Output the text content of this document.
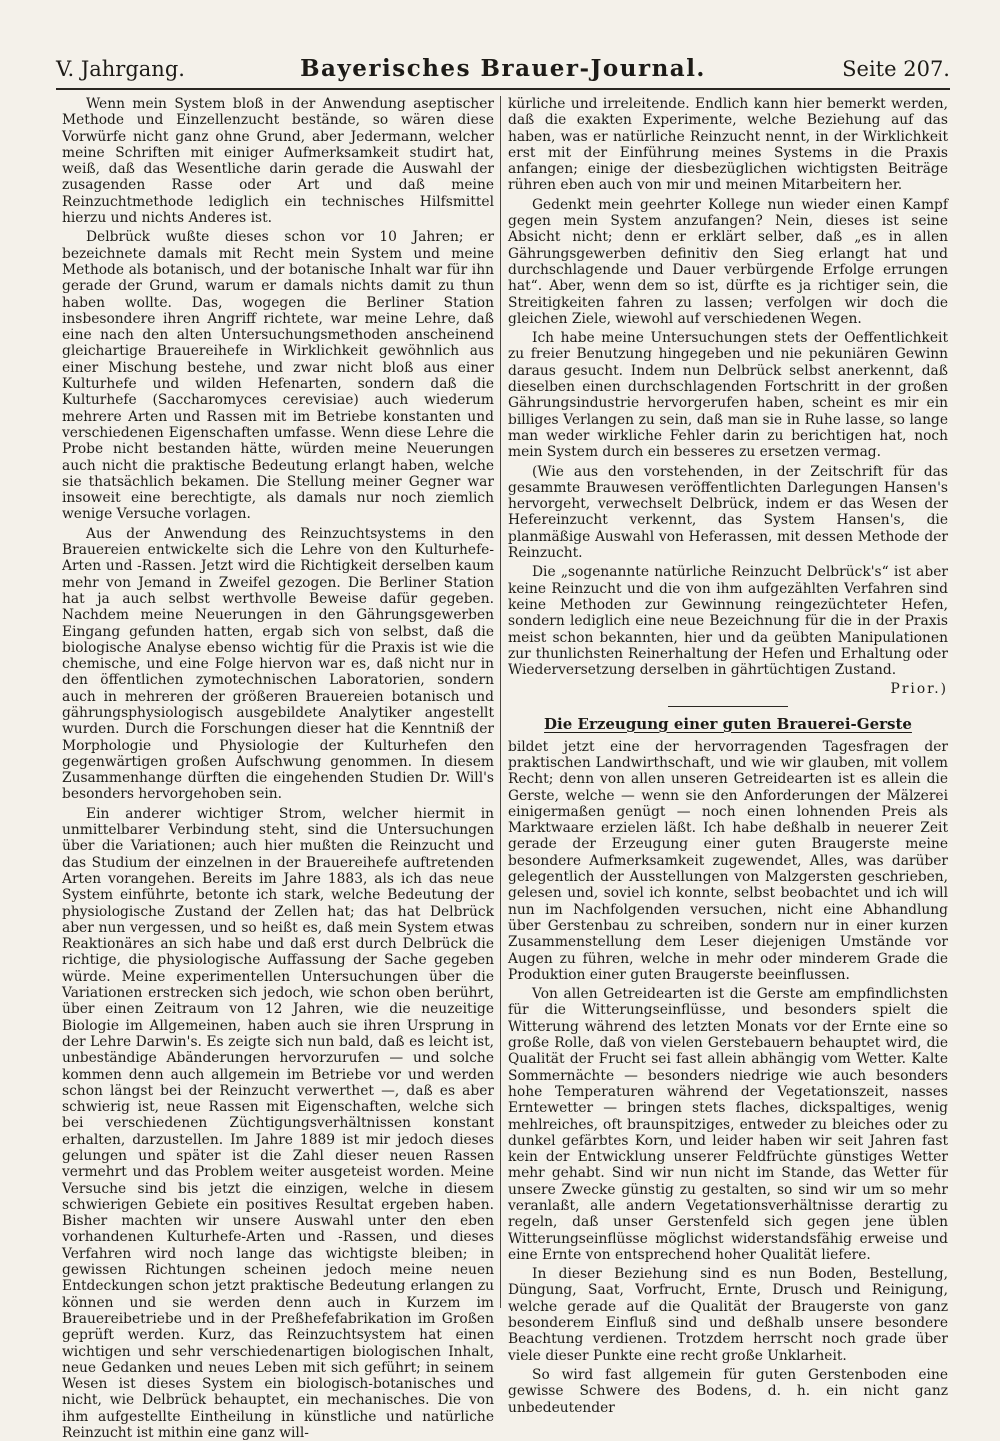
V. Jahrgang.	Bayerisches Brauer-Journal.	Seite 207.

Wenn mein System bloß in der Anwendung aseptischer Methode und Einzellenzucht bestände, so wären diese Vorwürfe nicht ganz ohne Grund, aber Jedermann, welcher meine Schriften mit einiger Aufmerksamkeit studirt hat, weiß, daß das Wesentliche darin gerade die Auswahl der zusagenden Rasse oder Art und daß meine Reinzuchtmethode lediglich ein technisches Hilfsmittel hierzu und nichts Anderes ist.

Delbrück wußte dieses schon vor 10 Jahren; er bezeichnete damals mit Recht mein System und meine Methode als botanisch, und der botanische Inhalt war für ihn gerade der Grund, warum er damals nichts damit zu thun haben wollte. Das, wogegen die Berliner Station insbesondere ihren Angriff richtete, war meine Lehre, daß eine nach den alten Untersuchungsmethoden anscheinend gleichartige Brauereihefe in Wirklichkeit gewöhnlich aus einer Mischung bestehe, und zwar nicht bloß aus einer Kulturhefe und wilden Hefenarten, sondern daß die Kulturhefe (Saccharomyces cerevisiae) auch wiederum mehrere Arten und Rassen mit im Betriebe konstanten und verschiedenen Eigenschaften umfasse. Wenn diese Lehre die Probe nicht bestanden hätte, würden meine Neuerungen auch nicht die praktische Bedeutung erlangt haben, welche sie thatsächlich bekamen. Die Stellung meiner Gegner war insoweit eine berechtigte, als damals nur noch ziemlich wenige Versuche vorlagen.

Aus der Anwendung des Reinzuchtsystems in den Brauereien entwickelte sich die Lehre von den Kulturhefe-Arten und -Rassen. Jetzt wird die Richtigkeit derselben kaum mehr von Jemand in Zweifel gezogen. Die Berliner Station hat ja auch selbst werthvolle Beweise dafür gegeben. Nachdem meine Neuerungen in den Gährungsgewerben Eingang gefunden hatten, ergab sich von selbst, daß die biologische Analyse ebenso wichtig für die Praxis ist wie die chemische, und eine Folge hiervon war es, daß nicht nur in den öffentlichen zymotechnischen Laboratorien, sondern auch in mehreren der größeren Brauereien botanisch und gährungsphysiologisch ausgebildete Analytiker angestellt wurden. Durch die Forschungen dieser hat die Kenntniß der Morphologie und Physiologie der Kulturhefen den gegenwärtigen großen Aufschwung genommen. In diesem Zusammenhange dürften die eingehenden Studien Dr. Will's besonders hervorgehoben sein.

Ein anderer wichtiger Strom, welcher hiermit in unmittelbarer Verbindung steht, sind die Untersuchungen über die Variationen; auch hier mußten die Reinzucht und das Studium der einzelnen in der Brauereihefe auftretenden Arten vorangehen. Bereits im Jahre 1883, als ich das neue System einführte, betonte ich stark, welche Bedeutung der physiologische Zustand der Zellen hat; das hat Delbrück aber nun vergessen, und so heißt es, daß mein System etwas Reaktionäres an sich habe und daß erst durch Delbrück die richtige, die physiologische Auffassung der Sache gegeben würde. Meine experimentellen Untersuchungen über die Variationen erstrecken sich jedoch, wie schon oben berührt, über einen Zeitraum von 12 Jahren, wie die neuzeitige Biologie im Allgemeinen, haben auch sie ihren Ursprung in der Lehre Darwin's. Es zeigte sich nun bald, daß es leicht ist, unbeständige Abänderungen hervorzurufen — und solche kommen denn auch allgemein im Betriebe vor und werden schon längst bei der Reinzucht verwerthet —, daß es aber schwierig ist, neue Rassen mit Eigenschaften, welche sich bei verschiedenen Züchtigungsverhältnissen konstant erhalten, darzustellen. Im Jahre 1889 ist mir jedoch dieses gelungen und später ist die Zahl dieser neuen Rassen vermehrt und das Problem weiter ausgeteist worden. Meine Versuche sind bis jetzt die einzigen, welche in diesem schwierigen Gebiete ein positives Resultat ergeben haben. Bisher machten wir unsere Auswahl unter den eben vorhandenen Kulturhefe-Arten und -Rassen, und dieses Verfahren wird noch lange das wichtigste bleiben; in gewissen Richtungen scheinen jedoch meine neuen Entdeckungen schon jetzt praktische Bedeutung erlangen zu können und sie werden denn auch in Kurzem im Brauereibetriebe und in der Preßhefefabrikation im Großen geprüft werden. Kurz, das Reinzuchtsystem hat einen wichtigen und sehr verschiedenartigen biologischen Inhalt, neue Gedanken und neues Leben mit sich geführt; in seinem Wesen ist dieses System ein biologisch-botanisches und nicht, wie Delbrück behauptet, ein mechanisches. Die von ihm aufgestellte Eintheilung in künstliche und natürliche Reinzucht ist mithin eine ganz will-

kürliche und irreleitende. Endlich kann hier bemerkt werden, daß die exakten Experimente, welche Beziehung auf das haben, was er natürliche Reinzucht nennt, in der Wirklichkeit erst mit der Einführung meines Systems in die Praxis anfangen; einige der diesbezüglichen wichtigsten Beiträge rühren eben auch von mir und meinen Mitarbeitern her.

Gedenkt mein geehrter Kollege nun wieder einen Kampf gegen mein System anzufangen? Nein, dieses ist seine Absicht nicht; denn er erklärt selber, daß „es in allen Gährungsgewerben definitiv den Sieg erlangt hat und durchschlagende und Dauer verbürgende Erfolge errungen hat“. Aber, wenn dem so ist, dürfte es ja richtiger sein, die Streitigkeiten fahren zu lassen; verfolgen wir doch die gleichen Ziele, wiewohl auf verschiedenen Wegen.

Ich habe meine Untersuchungen stets der Oeffentlichkeit zu freier Benutzung hingegeben und nie pekuniären Gewinn daraus gesucht. Indem nun Delbrück selbst anerkennt, daß dieselben einen durchschlagenden Fortschritt in der großen Gährungsindustrie hervorgerufen haben, scheint es mir ein billiges Verlangen zu sein, daß man sie in Ruhe lasse, so lange man weder wirkliche Fehler darin zu berichtigen hat, noch mein System durch ein besseres zu ersetzen vermag.

(Wie aus den vorstehenden, in der Zeitschrift für das gesammte Brauwesen veröffentlichten Darlegungen Hansen's hervorgeht, verwechselt Delbrück, indem er das Wesen der Hefereinzucht verkennt, das System Hansen's, die planmäßige Auswahl von Heferassen, mit dessen Methode der Reinzucht.

Die „sogenannte natürliche Reinzucht Delbrück's“ ist aber keine Reinzucht und die von ihm aufgezählten Verfahren sind keine Methoden zur Gewinnung reingezüchteter Hefen, sondern lediglich eine neue Bezeichnung für die in der Praxis meist schon bekannten, hier und da geübten Manipulationen zur thunlichsten Reinerhaltung der Hefen und Erhaltung oder Wiederversetzung derselben in gährtüchtigen Zustand.

Prior.)

Die Erzeugung einer guten Brauerei-Gerste

bildet jetzt eine der hervorragenden Tagesfragen der praktischen Landwirthschaft, und wie wir glauben, mit vollem Recht; denn von allen unseren Getreidearten ist es allein die Gerste, welche — wenn sie den Anforderungen der Mälzerei einigermaßen genügt — noch einen lohnenden Preis als Marktwaare erzielen läßt. Ich habe deßhalb in neuerer Zeit gerade der Erzeugung einer guten Braugerste meine besondere Aufmerksamkeit zugewendet, Alles, was darüber gelegentlich der Ausstellungen von Malzgersten geschrieben, gelesen und, soviel ich konnte, selbst beobachtet und ich will nun im Nachfolgenden versuchen, nicht eine Abhandlung über Gerstenbau zu schreiben, sondern nur in einer kurzen Zusammenstellung dem Leser diejenigen Umstände vor Augen zu führen, welche in mehr oder minderem Grade die Produktion einer guten Braugerste beeinflussen.

Von allen Getreidearten ist die Gerste am empfindlichsten für die Witterungseinflüsse, und besonders spielt die Witterung während des letzten Monats vor der Ernte eine so große Rolle, daß von vielen Gerstebauern behauptet wird, die Qualität der Frucht sei fast allein abhängig vom Wetter. Kalte Sommernächte — besonders niedrige wie auch besonders hohe Temperaturen während der Vegetationszeit, nasses Erntewetter — bringen stets flaches, dickspaltiges, wenig mehlreiches, oft braunspitziges, entweder zu bleiches oder zu dunkel gefärbtes Korn, und leider haben wir seit Jahren fast kein der Entwicklung unserer Feldfrüchte günstiges Wetter mehr gehabt. Sind wir nun nicht im Stande, das Wetter für unsere Zwecke günstig zu gestalten, so sind wir um so mehr veranlaßt, alle andern Vegetationsverhältnisse derartig zu regeln, daß unser Gerstenfeld sich gegen jene üblen Witterungseinflüsse möglichst widerstandsfähig erweise und eine Ernte von entsprechend hoher Qualität liefere.

In dieser Beziehung sind es nun Boden, Bestellung, Düngung, Saat, Vorfrucht, Ernte, Drusch und Reinigung, welche gerade auf die Qualität der Braugerste von ganz besonderem Einfluß sind und deßhalb unsere besondere Beachtung verdienen. Trotzdem herrscht noch grade über viele dieser Punkte eine recht große Unklarheit.

So wird fast allgemein für guten Gerstenboden eine gewisse Schwere des Bodens, d. h. ein nicht ganz unbedeutender
